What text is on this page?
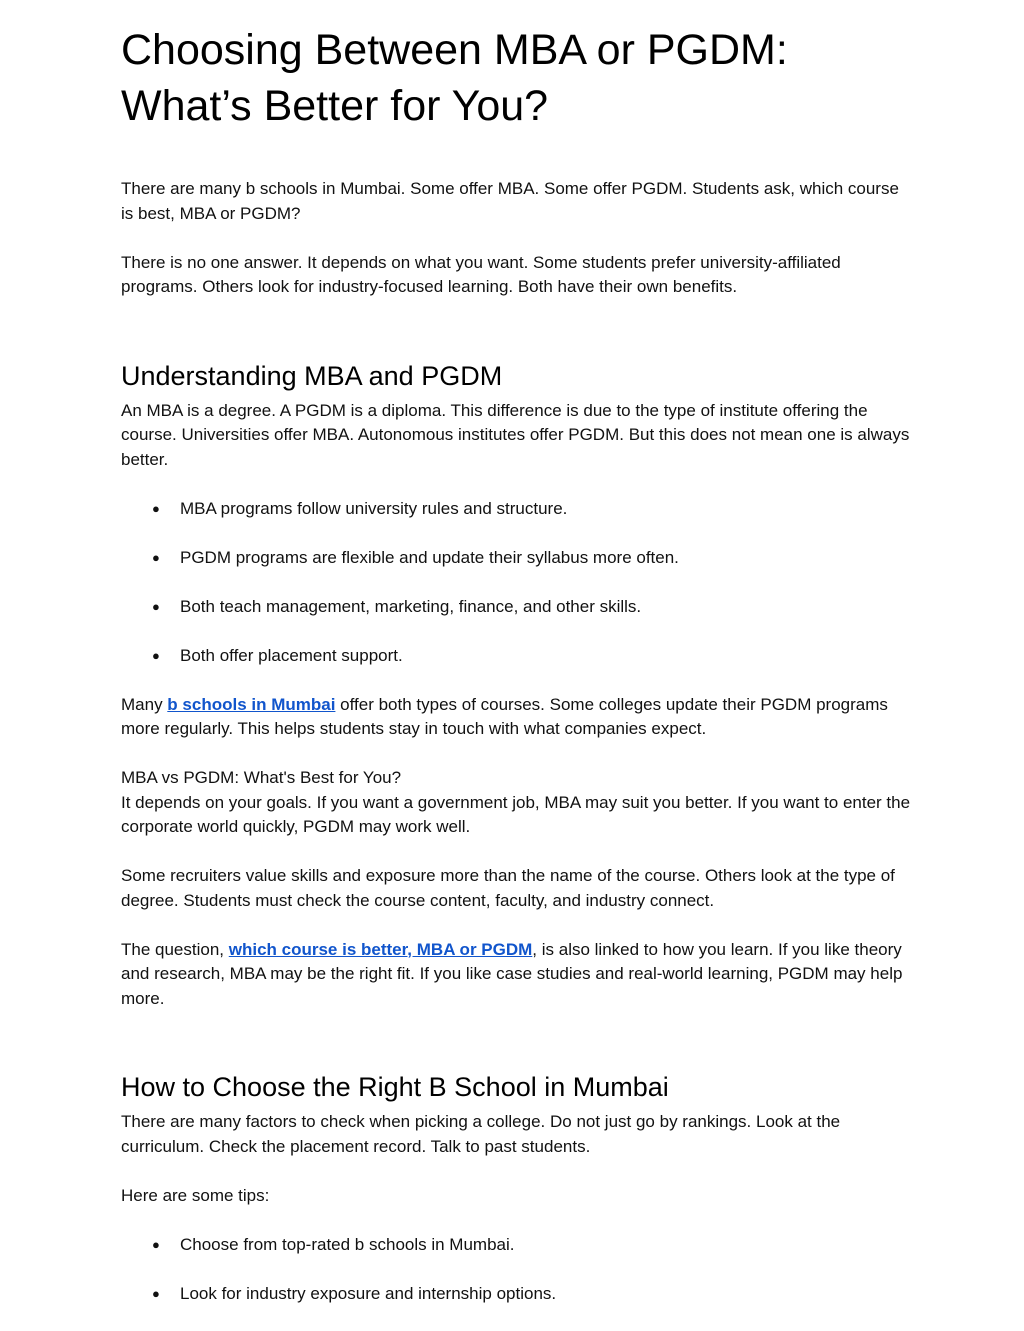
Choosing Between MBA or PGDM:
What’s Better for You?

There are many b schools in Mumbai. Some offer MBA. Some offer PGDM. Students ask, which course is best, MBA or PGDM?

There is no one answer. It depends on what you want. Some students prefer university-affiliated programs. Others look for industry-focused learning. Both have their own benefits.

Understanding MBA and PGDM

An MBA is a degree. A PGDM is a diploma. This difference is due to the type of institute offering the course. Universities offer MBA. Autonomous institutes offer PGDM. But this does not mean one is always better.

● MBA programs follow university rules and structure.
● PGDM programs are flexible and update their syllabus more often.
● Both teach management, marketing, finance, and other skills.
● Both offer placement support.

Many b schools in Mumbai offer both types of courses. Some colleges update their PGDM programs more regularly. This helps students stay in touch with what companies expect.

MBA vs PGDM: What's Best for You?
It depends on your goals. If you want a government job, MBA may suit you better. If you want to enter the corporate world quickly, PGDM may work well.

Some recruiters value skills and exposure more than the name of the course. Others look at the type of degree. Students must check the course content, faculty, and industry connect.

The question, which course is better, MBA or PGDM, is also linked to how you learn. If you like theory and research, MBA may be the right fit. If you like case studies and real-world learning, PGDM may help more.

How to Choose the Right B School in Mumbai

There are many factors to check when picking a college. Do not just go by rankings. Look at the curriculum. Check the placement record. Talk to past students.

Here are some tips:

● Choose from top-rated b schools in Mumbai.
● Look for industry exposure and internship options.
